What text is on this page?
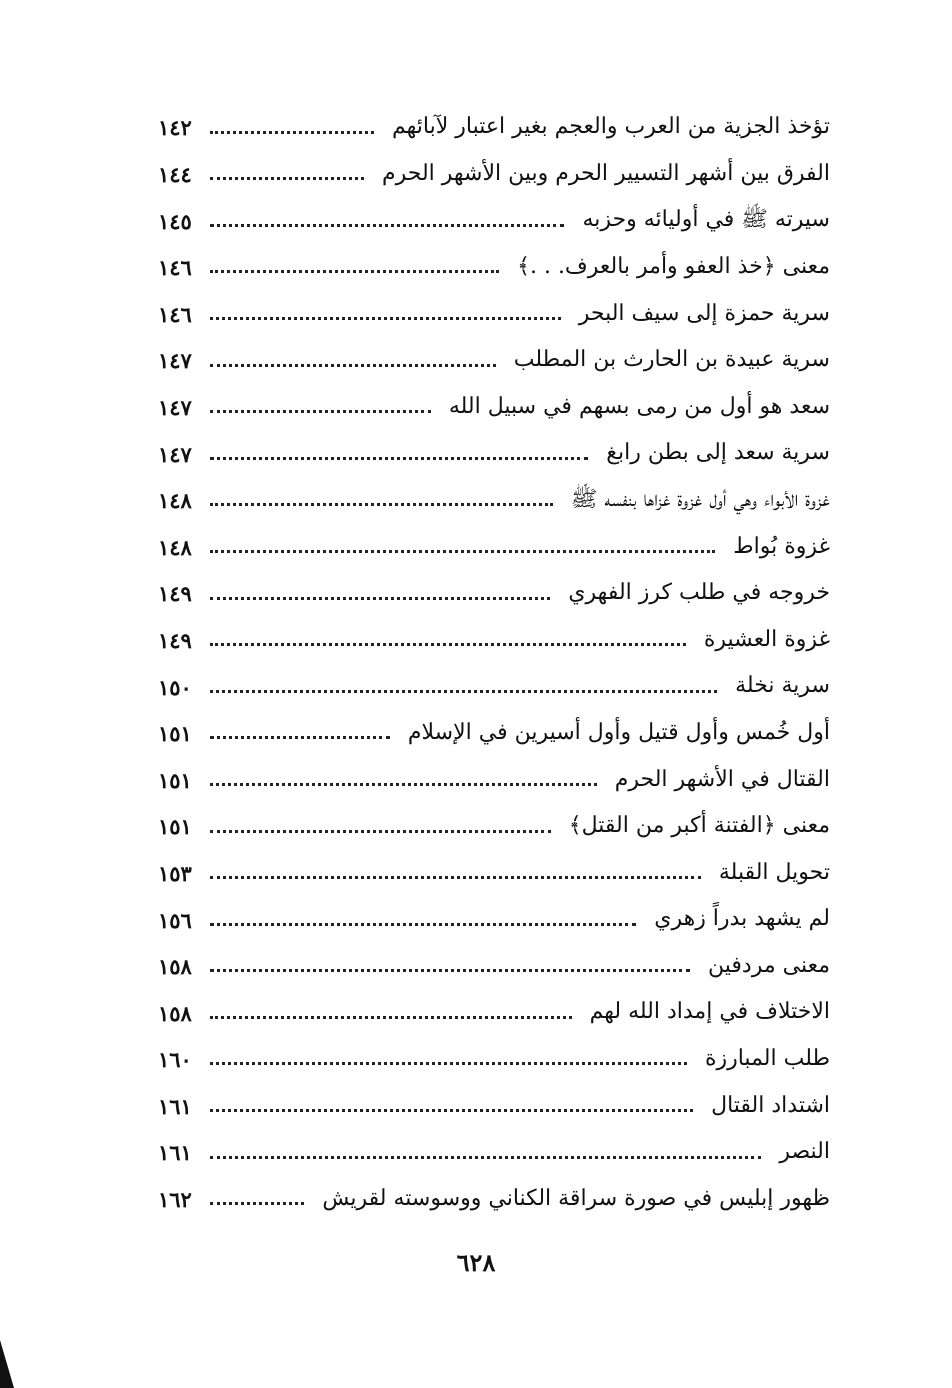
تؤخذ الجزية من العرب والعجم بغير اعتبار لآبائهم
١٤٢
الفرق بين أشهر التسيير الحرم وبين الأشهر الحرم
١٤٤
سيرته ﷺ في أوليائه وحزبه
١٤٥
معنى ﴿خذ العفو وأمر بالعرف. . .﴾
١٤٦
سرية حمزة إلى سيف البحر
١٤٦
سرية عبيدة بن الحارث بن المطلب
١٤٧
سعد هو أول من رمى بسهم في سبيل الله
١٤٧
سرية سعد إلى بطن رابغ
١٤٧
غزوة الأبواء وهي أول غزوة غزاها بنفسه ﷺ
١٤٨
غزوة بُواط
١٤٨
خروجه في طلب كرز الفهري
١٤٩
غزوة العشيرة
١٤٩
سرية نخلة
١٥٠
أول خُمس وأول قتيل وأول أسيرين في الإسلام
١٥١
القتال في الأشهر الحرم
١٥١
معنى ﴿الفتنة أكبر من القتل﴾
١٥١
تحويل القبلة
١٥٣
لم يشهد بدراً زهري
١٥٦
معنى مردفين
١٥٨
الاختلاف في إمداد الله لهم
١٥٨
طلب المبارزة
١٦٠
اشتداد القتال
١٦١
النصر
١٦١
ظهور إبليس في صورة سراقة الكناني ووسوسته لقريش
١٦٢
٦٢٨
